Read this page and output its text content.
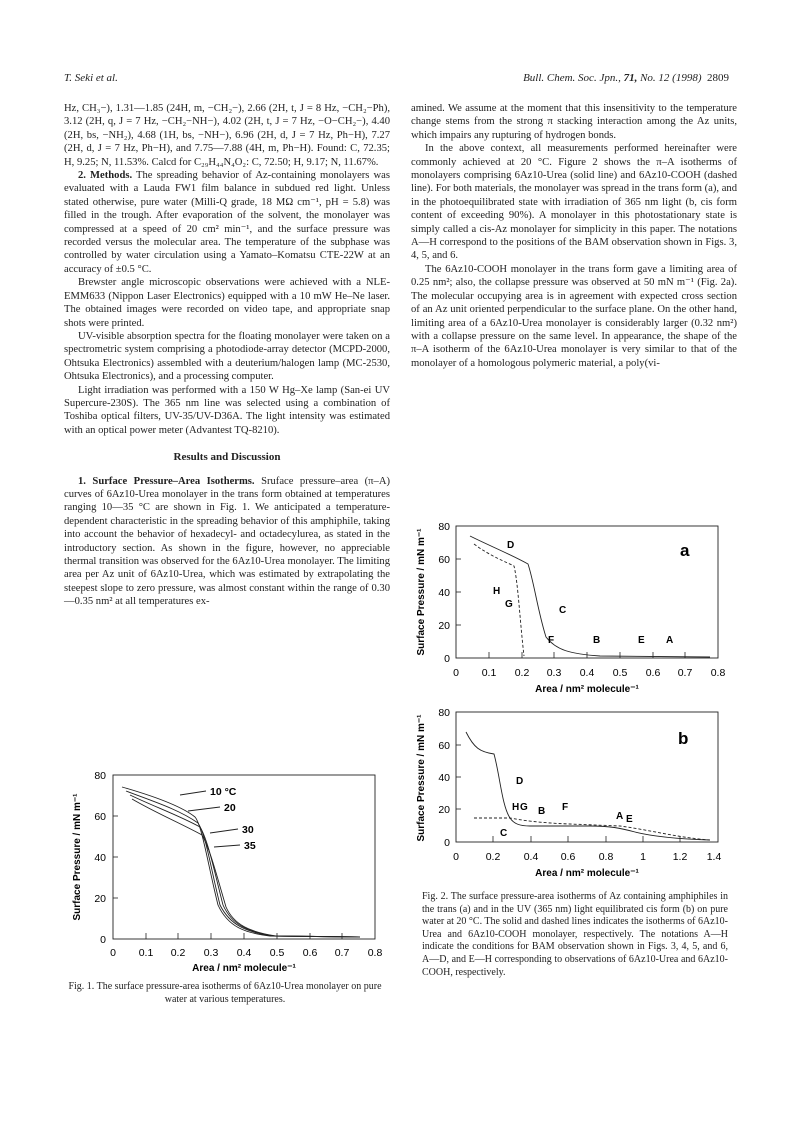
T. Seki et al.	Bull. Chem. Soc. Jpn., 71, No. 12 (1998) 2809

Hz, CH₃−), 1.31—1.85 (24H, m, −CH₂−), 2.66 (2H, t, J = 8 Hz, −CH₂−Ph), 3.12 (2H, q, J = 7 Hz, −CH₂−NH−), 4.02 (2H, t, J = 7 Hz, −O−CH₂−), 4.40 (2H, bs, −NH₂), 4.68 (1H, bs, −NH−), 6.96 (2H, d, J = 7 Hz, Ph−H), 7.27 (2H, d, J = 7 Hz, Ph−H), and 7.75—7.88 (4H, m, Ph−H). Found: C, 72.35; H, 9.25; N, 11.53%. Calcd for C₂₉H₄₄N₄O₂: C, 72.50; H, 9.17; N, 11.67%.

2. Methods. The spreading behavior of Az-containing monolayers was evaluated with a Lauda FW1 film balance in subdued red light. Unless stated otherwise, pure water (Milli-Q grade, 18 MΩ cm⁻¹, pH = 5.8) was filled in the trough. After evaporation of the solvent, the monolayer was compressed at a speed of 20 cm² min⁻¹, and the surface pressure was recorded versus the molecular area. The temperature of the subphase was controlled by water circulation using a Yamato–Komatsu CTE-22W at an accuracy of ±0.5 °C.

Brewster angle microscopic observations were achieved with a NLE-EMM633 (Nippon Laser Electronics) equipped with a 10 mW He–Ne laser. The obtained images were recorded on video tape, and appropriate snap shots were printed.

UV-visible absorption spectra for the floating monolayer were taken on a spectrometric system comprising a photodiode-array detector (MCPD-2000, Ohtsuka Electronics) assembled with a deuterium/halogen lamp (MC-2530, Ohtsuka Electronics), and a processing computer.

Light irradiation was performed with a 150 W Hg–Xe lamp (San-ei UV Supercure-230S). The 365 nm line was selected using a combination of Toshiba optical filters, UV-35/UV-D36A. The light intensity was estimated with an optical power meter (Advantest TQ-8210).

Results and Discussion

1. Surface Pressure–Area Isotherms. Sruface pressure–area (π–A) curves of 6Az10-Urea monolayer in the trans form obtained at temperatures ranging 10—35 °C are shown in Fig. 1. We anticipated a temperature-dependent characteristic in the spreading behavior of this amphiphile, taking into account the behavior of hexadecyl- and octadecylurea, as stated in the introductory section. As shown in the figure, however, no appreciable thermal transition was observed for the 6Az10-Urea monolayer. The limiting area per Az unit of 6Az10-Urea, which was estimated by extrapolating the steepest slope to zero pressure, was almost constant within the range of 0.30—0.35 nm² at all temperatures ex-

amined. We assume at the moment that this insensitivity to the temperature change stems from the strong π stacking interaction among the Az units, which impairs any rupturing of hydrogen bonds.

In the above context, all measurements performed hereinafter were commonly achieved at 20 °C. Figure 2 shows the π–A isotherms of monolayers comprising 6Az10-Urea (solid line) and 6Az10-COOH (dashed line). For both materials, the monolayer was spread in the trans form (a), and in the photoequilibrated state with irradiation of 365 nm light (b, cis form content of exceeding 90%). A monolayer in this photostationary state is simply called a cis-Az monolayer for simplicity in this paper. The notations A—H correspond to the positions of the BAM observation shown in Figs. 3, 4, 5, and 6.

The 6Az10-COOH monolayer in the trans form gave a limiting area of 0.25 nm²; also, the collapse pressure was observed at 50 mN m⁻¹ (Fig. 2a). The molecular occupying area is in agreement with expected cross section of an Az unit oriented perpendicular to the surface plane. On the other hand, limiting area of a 6Az10-Urea monolayer is considerably larger (0.32 nm²) with a collapse pressure on the same level. In appearance, the shape of the π–A isotherm of the 6Az10-Urea monolayer is very similar to that of the monolayer of a homologous polymeric material, a poly(vi-

Surface Pressure / mN m⁻¹
0
20
40
60
80
0 0.1 0.2 0.3 0.4 0.5 0.6 0.7 0.8
Area / nm² molecule⁻¹
10 °C
20
30
35
Fig. 1. The surface pressure-area isotherms of 6Az10-Urea monolayer on pure water at various temperatures.
Surface Pressure / mN m⁻¹
0
20
40
60
80
0 0.1 0.2 0.3 0.4 0.5 0.6 0.7 0.8
Area / nm² molecule⁻¹
a
D
H
G
C
F	B	E A
Surface Pressure / mN m⁻¹
0
20
40
60
80
0	0.2 0.4 0.6 0.8	1	1.2 1.4
Area / nm² molecule⁻¹
b
D
H G B F
A E
C
Fig. 2. The surface pressure-area isotherms of Az containing amphiphiles in the trans (a) and in the UV (365 nm) light equilibrated cis form (b) on pure water at 20 °C. The solid and dashed lines indicates the isotherms of 6Az10-Urea and 6Az10-COOH monolayer, respectively. The notations A—H indicate the conditions for BAM observation shown in Figs. 3, 4, 5, and 6, A—D, and E—H corresponding to observations of 6Az10-Urea and 6Az10-COOH, respectively.
